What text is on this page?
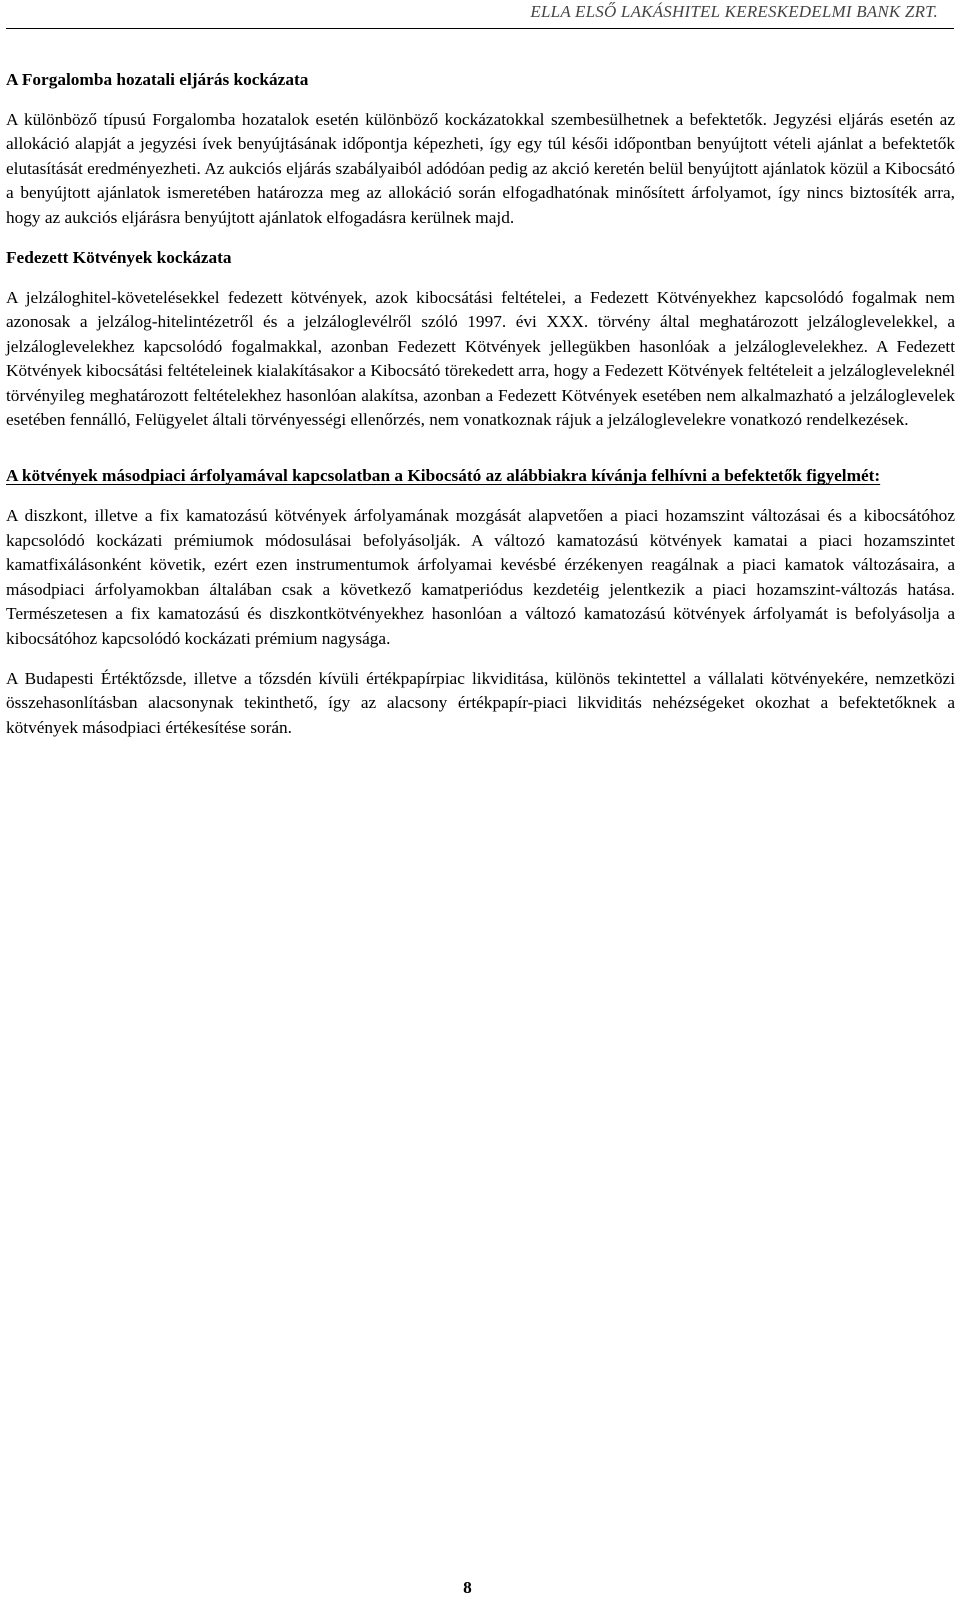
ELLA ELSŐ LAKÁSHITEL KERESKEDELMI BANK ZRT.
A Forgalomba hozatali eljárás kockázata

A különböző típusú Forgalomba hozatalok esetén különböző kockázatokkal szembesülhetnek a befektetők. Jegyzési eljárás esetén az allokáció alapját a jegyzési ívek benyújtásának időpontja képezheti, így egy túl késői időpontban benyújtott vételi ajánlat a befektetők elutasítását eredményezheti. Az aukciós eljárás szabályaiból adódóan pedig az akció keretén belül benyújtott ajánlatok közül a Kibocsátó a benyújtott ajánlatok ismeretében határozza meg az allokáció során elfogadhatónak minősített árfolyamot, így nincs biztosíték arra, hogy az aukciós eljárásra benyújtott ajánlatok elfogadásra kerülnek majd.

Fedezett Kötvények kockázata

A jelzáloghitel-követelésekkel fedezett kötvények, azok kibocsátási feltételei, a Fedezett Kötvényekhez kapcsolódó fogalmak nem azonosak a jelzálog-hitelintézetről és a jelzáloglevélről szóló 1997. évi XXX. törvény által meghatározott jelzáloglevelekkel, a jelzáloglevelekhez kapcsolódó fogalmakkal, azonban Fedezett Kötvények jellegükben hasonlóak a jelzáloglevelekhez. A Fedezett Kötvények kibocsátási feltételeinek kialakításakor a Kibocsátó törekedett arra, hogy a Fedezett Kötvények feltételeit a jelzálogleveleknél törvényileg meghatározott feltételekhez hasonlóan alakítsa, azonban a Fedezett Kötvények esetében nem alkalmazható a jelzáloglevelek esetében fennálló, Felügyelet általi törvényességi ellenőrzés, nem vonatkoznak rájuk a jelzáloglevelekre vonatkozó rendelkezések.

A kötvények másodpiaci árfolyamával kapcsolatban a Kibocsátó az alábbiakra kívánja felhívni a befektetők figyelmét:

A diszkont, illetve a fix kamatozású kötvények árfolyamának mozgását alapvetően a piaci hozamszint változásai és a kibocsátóhoz kapcsolódó kockázati prémiumok módosulásai befolyásolják. A változó kamatozású kötvények kamatai a piaci hozamszintet kamatfixálásonként követik, ezért ezen instrumentumok árfolyamai kevésbé érzékenyen reagálnak a piaci kamatok változásaira, a másodpiaci árfolyamokban általában csak a következő kamatperiódus kezdetéig jelentkezik a piaci hozamszint-változás hatása. Természetesen a fix kamatozású és diszkontkötvényekhez hasonlóan a változó kamatozású kötvények árfolyamát is befolyásolja a kibocsátóhoz kapcsolódó kockázati prémium nagysága.

A Budapesti Értéktőzsde, illetve a tőzsdén kívüli értékpapírpiac likviditása, különös tekintettel a vállalati kötvényekére, nemzetközi összehasonlításban alacsonynak tekinthető, így az alacsony értékpapír-piaci likviditás nehézségeket okozhat a befektetőknek a kötvények másodpiaci értékesítése során.

8
